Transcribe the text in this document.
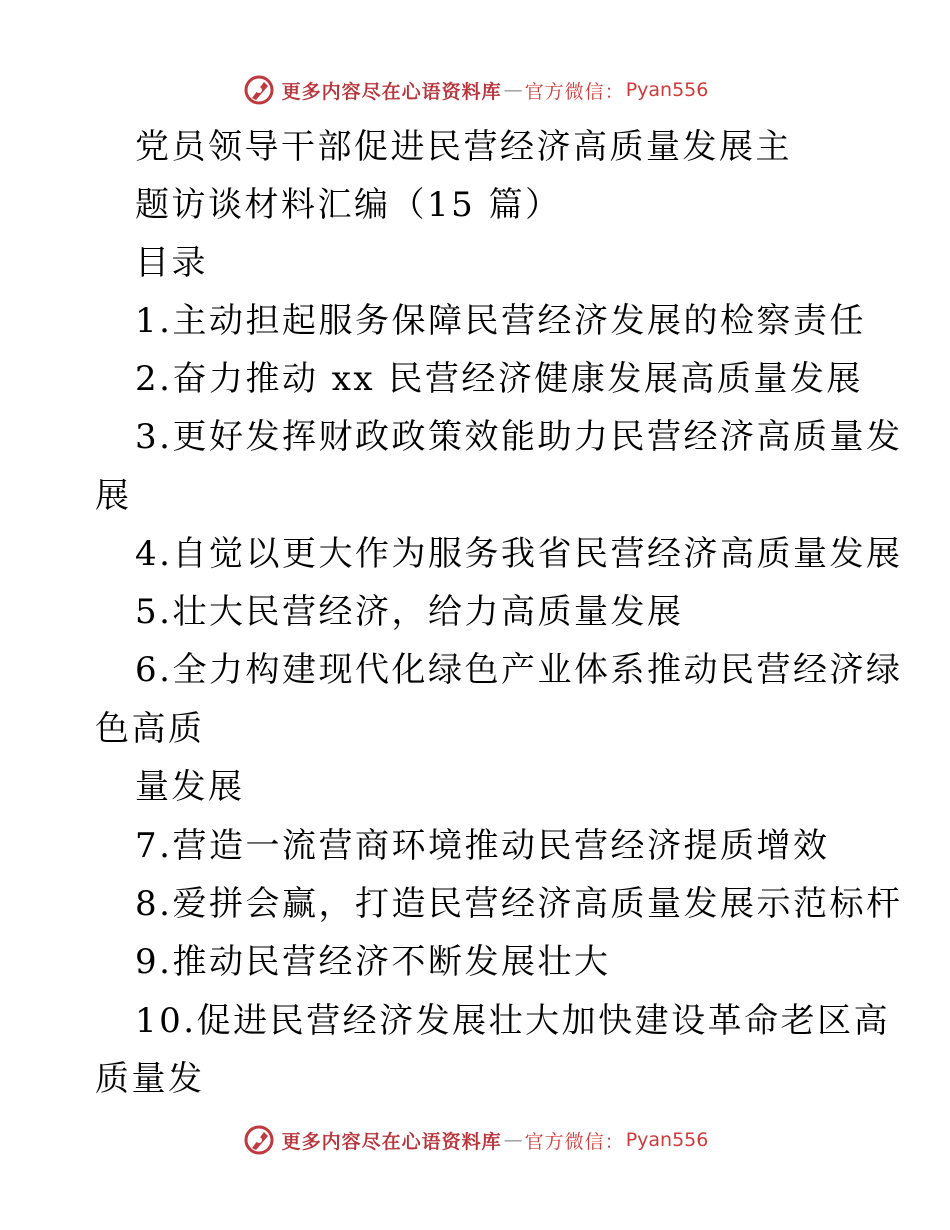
更多内容尽在心语资料库 — 官方微信 ： Pyan556
党员领导干部促进民营经济高质量发展主
题访谈材料汇编（15 篇）
目录
1.主动担起服务保障民营经济发展的检察责任
2.奋力推动 xx 民营经济健康发展高质量发展
3.更好发挥财政政策效能助力民营经济高质量发
展
4.自觉以更大作为服务我省民营经济高质量发展
5.壮大民营经济，给力高质量发展
6.全力构建现代化绿色产业体系推动民营经济绿
色高质
量发展
7.营造一流营商环境推动民营经济提质增效
8.爱拼会赢，打造民营经济高质量发展示范标杆
9.推动民营经济不断发展壮大
10.促进民营经济发展壮大加快建设革命老区高
质量发
更多内容尽在心语资料库 — 官方微信 ： Pyan556
